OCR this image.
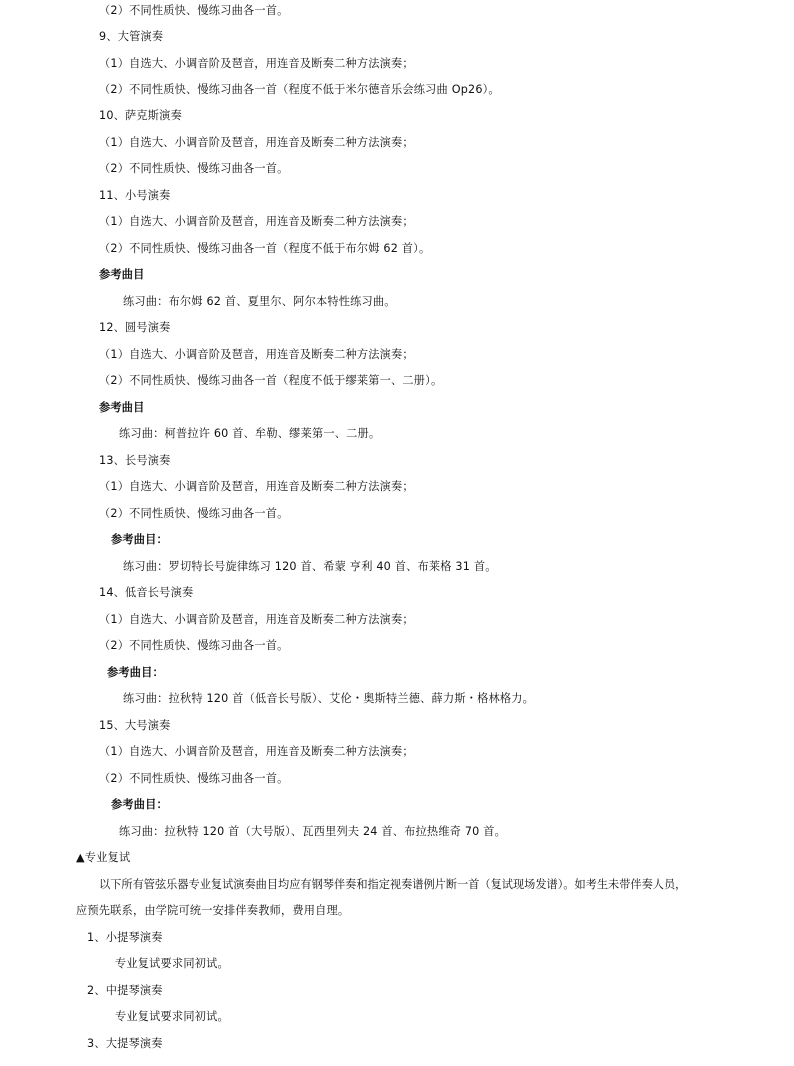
（2）不同性质快、慢练习曲各一首。
9、大管演奏
（1）自选大、小调音阶及琶音，用连音及断奏二种方法演奏；
（2）不同性质快、慢练习曲各一首（程度不低于米尔德音乐会练习曲 Op26）。
10、萨克斯演奏
（1）自选大、小调音阶及琶音，用连音及断奏二种方法演奏；
（2）不同性质快、慢练习曲各一首。
11、小号演奏
（1）自选大、小调音阶及琶音，用连音及断奏二种方法演奏；
（2）不同性质快、慢练习曲各一首（程度不低于布尔姆 62 首）。
参考曲目
练习曲：布尔姆 62 首、夏里尔、阿尔本特性练习曲。
12、圆号演奏
（1）自选大、小调音阶及琶音，用连音及断奏二种方法演奏；
（2）不同性质快、慢练习曲各一首（程度不低于缪莱第一、二册）。
参考曲目
练习曲：柯普拉许 60 首、牟勒、缪莱第一、二册。
13、长号演奏
（1）自选大、小调音阶及琶音，用连音及断奏二种方法演奏；
（2）不同性质快、慢练习曲各一首。
参考曲目：
练习曲：罗切特长号旋律练习 120 首、希蒙 亨利 40 首、布莱格 31 首。
14、低音长号演奏
（1）自选大、小调音阶及琶音，用连音及断奏二种方法演奏；
（2）不同性质快、慢练习曲各一首。
参考曲目：
练习曲：拉秋特 120 首（低音长号版）、艾伦・奥斯特兰德、薛力斯・格林格力。
15、大号演奏
（1）自选大、小调音阶及琶音，用连音及断奏二种方法演奏；
（2）不同性质快、慢练习曲各一首。
参考曲目：
练习曲：拉秋特 120 首（大号版）、瓦西里列夫 24 首、布拉热维奇 70 首。
▲专业复试
以下所有管弦乐器专业复试演奏曲目均应有钢琴伴奏和指定视奏谱例片断一首（复试现场发谱）。如考生未带伴奏人员，
应预先联系，由学院可统一安排伴奏教师，费用自理。
1、小提琴演奏
专业复试要求同初试。
2、中提琴演奏
专业复试要求同初试。
3、大提琴演奏
